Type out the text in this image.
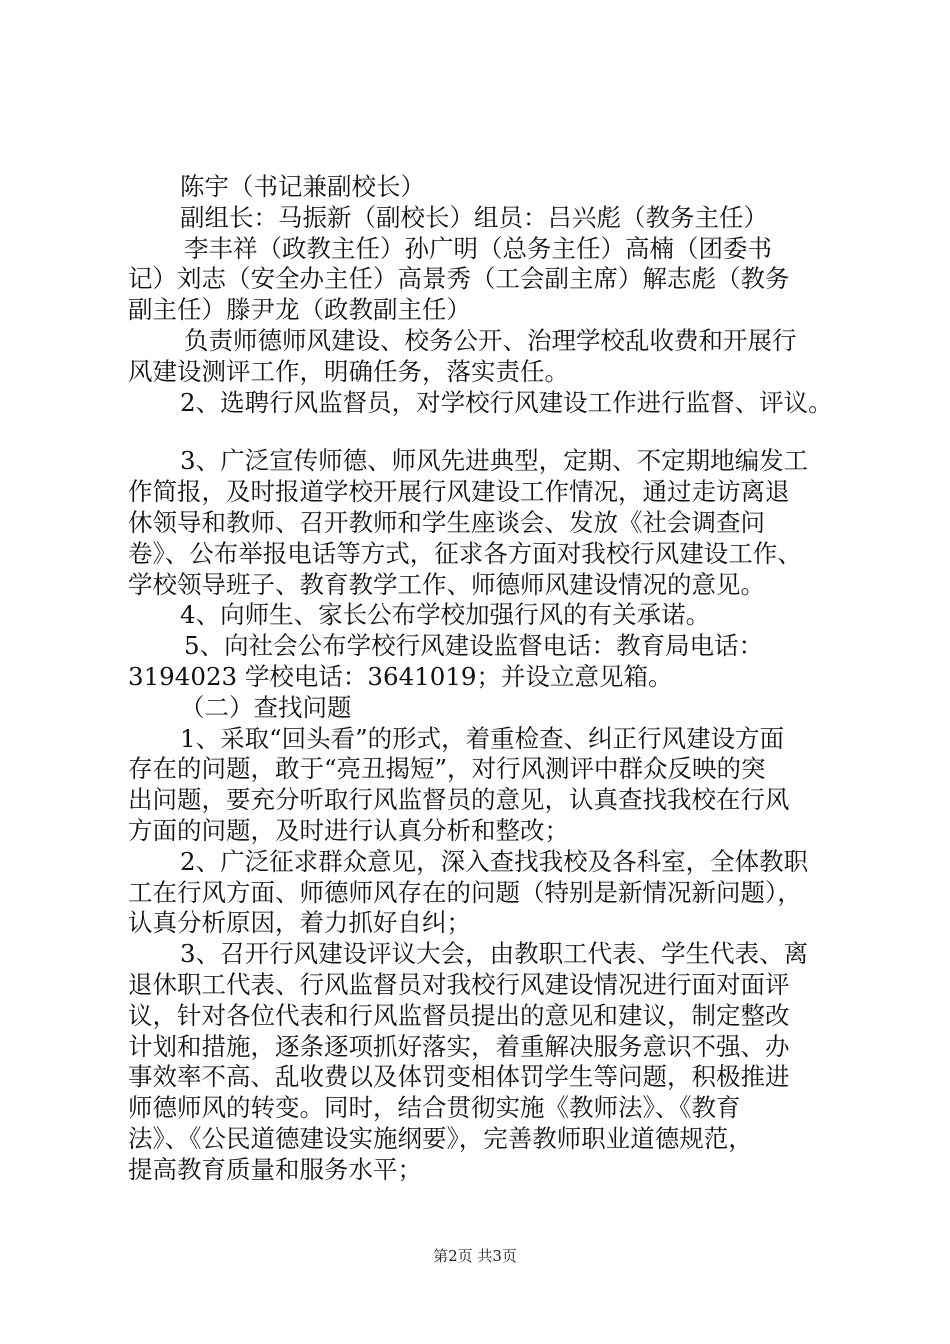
陈宇（书记兼副校长）
副组长：马振新（副校长）组员：吕兴彪（教务主任）
李丰祥（政教主任）孙广明（总务主任）高楠（团委书
记）刘志（安全办主任）高景秀（工会副主席）解志彪（教务
副主任）滕尹龙（政教副主任）
负责师德师风建设、校务公开、治理学校乱收费和开展行
风建设测评工作，明确任务，落实责任。
2、选聘行风监督员，对学校行风建设工作进行监督、评议。
3、广泛宣传师德、师风先进典型，定期、不定期地编发工
作简报，及时报道学校开展行风建设工作情况，通过走访离退
休领导和教师、召开教师和学生座谈会、发放《社会调查问
卷》、公布举报电话等方式，征求各方面对我校行风建设工作、
学校领导班子、教育教学工作、师德师风建设情况的意见。
4、向师生、家长公布学校加强行风的有关承诺。
5、向社会公布学校行风建设监督电话：教育局电话：
3194023 学校电话：3641019；并设立意见箱。
（二）查找问题
1、采取“回头看”的形式，着重检查、纠正行风建设方面
存在的问题，敢于“亮丑揭短”，对行风测评中群众反映的突
出问题，要充分听取行风监督员的意见，认真查找我校在行风
方面的问题，及时进行认真分析和整改；
2、广泛征求群众意见，深入查找我校及各科室，全体教职
工在行风方面、师德师风存在的问题（特别是新情况新问题），
认真分析原因，着力抓好自纠；
3、召开行风建设评议大会，由教职工代表、学生代表、离
退休职工代表、行风监督员对我校行风建设情况进行面对面评
议，针对各位代表和行风监督员提出的意见和建议，制定整改
计划和措施，逐条逐项抓好落实，着重解决服务意识不强、办
事效率不高、乱收费以及体罚变相体罚学生等问题，积极推进
师德师风的转变。同时，结合贯彻实施《教师法》、《教育
法》、《公民道德建设实施纲要》，完善教师职业道德规范，
提高教育质量和服务水平；
第2页 共3页
